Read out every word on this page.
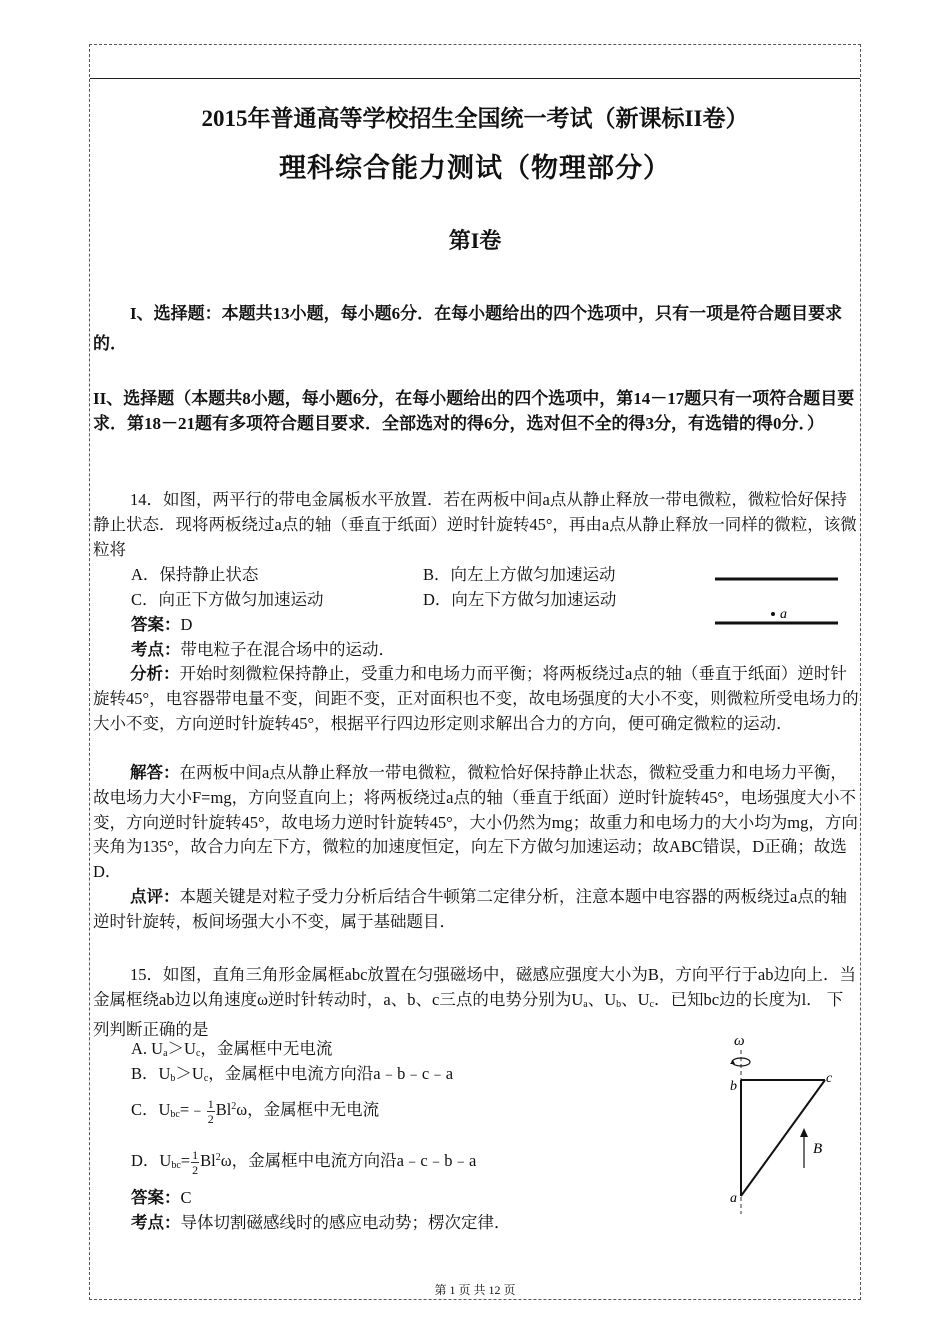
2015年普通高等学校招生全国统一考试（新课标II卷）
理科综合能力测试（物理部分）
第I卷
I、选择题：本题共13小题，每小题6分．在每小题给出的四个选项中，只有一项是符合题目要求的．
II、选择题（本题共8小题，每小题6分，在每小题给出的四个选项中，第14－17题只有一项符合题目要求．第18－21题有多项符合题目要求．全部选对的得6分，选对但不全的得3分，有选错的得0分．）
14．如图，两平行的带电金属板水平放置．若在两板中间a点从静止释放一带电微粒，微粒恰好保持静止状态．现将两板绕过a点的轴（垂直于纸面）逆时针旋转45°，再由a点从静止释放一同样的微粒，该微粒将
A．保持静止状态	B．向左上方做匀加速运动
C．向正下方做匀加速运动	D．向左下方做匀加速运动
答案：D
考点：带电粒子在混合场中的运动．
分析：开始时刻微粒保持静止，受重力和电场力而平衡；将两板绕过a点的轴（垂直于纸面）逆时针旋转45°，电容器带电量不变，间距不变，正对面积也不变，故电场强度的大小不变，则微粒所受电场力的大小不变，方向逆时针旋转45°，根据平行四边形定则求解出合力的方向，便可确定微粒的运动．
解答：在两板中间a点从静止释放一带电微粒，微粒恰好保持静止状态，微粒受重力和电场力平衡，故电场力大小F=mg，方向竖直向上；将两板绕过a点的轴（垂直于纸面）逆时针旋转45°，电场强度大小不变，方向逆时针旋转45°，故电场力逆时针旋转45°，大小仍然为mg；故重力和电场力的大小均为mg，方向夹角为135°，故合力向左下方，微粒的加速度恒定，向左下方做匀加速运动；故ABC错误，D正确；故选D．
点评：本题关键是对粒子受力分析后结合牛顿第二定律分析，注意本题中电容器的两板绕过a点的轴逆时针旋转，板间场强大小不变，属于基础题目．
a
15．如图，直角三角形金属框abc放置在匀强磁场中，磁感应强度大小为B，方向平行于ab边向上．当金属框绕ab边以角速度ω逆时针转动时，a、b、c三点的电势分别为$U_a$、$U_b$、$U_c$．已知bc边的长度为l． 下列判断正确的是
A. $U_a>U_c$，金属框中无电流
B．$U_b>U_c$，金属框中电流方向沿a﹣b﹣c﹣a
C．$U_{bc}=﹣ \frac{1}{2} Bl^2\omega$，金属框中无电流
D．$U_{bc}= \frac{1}{2} Bl^2\omega$，金属框中电流方向沿a﹣c﹣b﹣a
答案：C
考点：导体切割磁感线时的感应电动势；楞次定律．
ω
b
c
a
B
第 1 页 共 12 页
